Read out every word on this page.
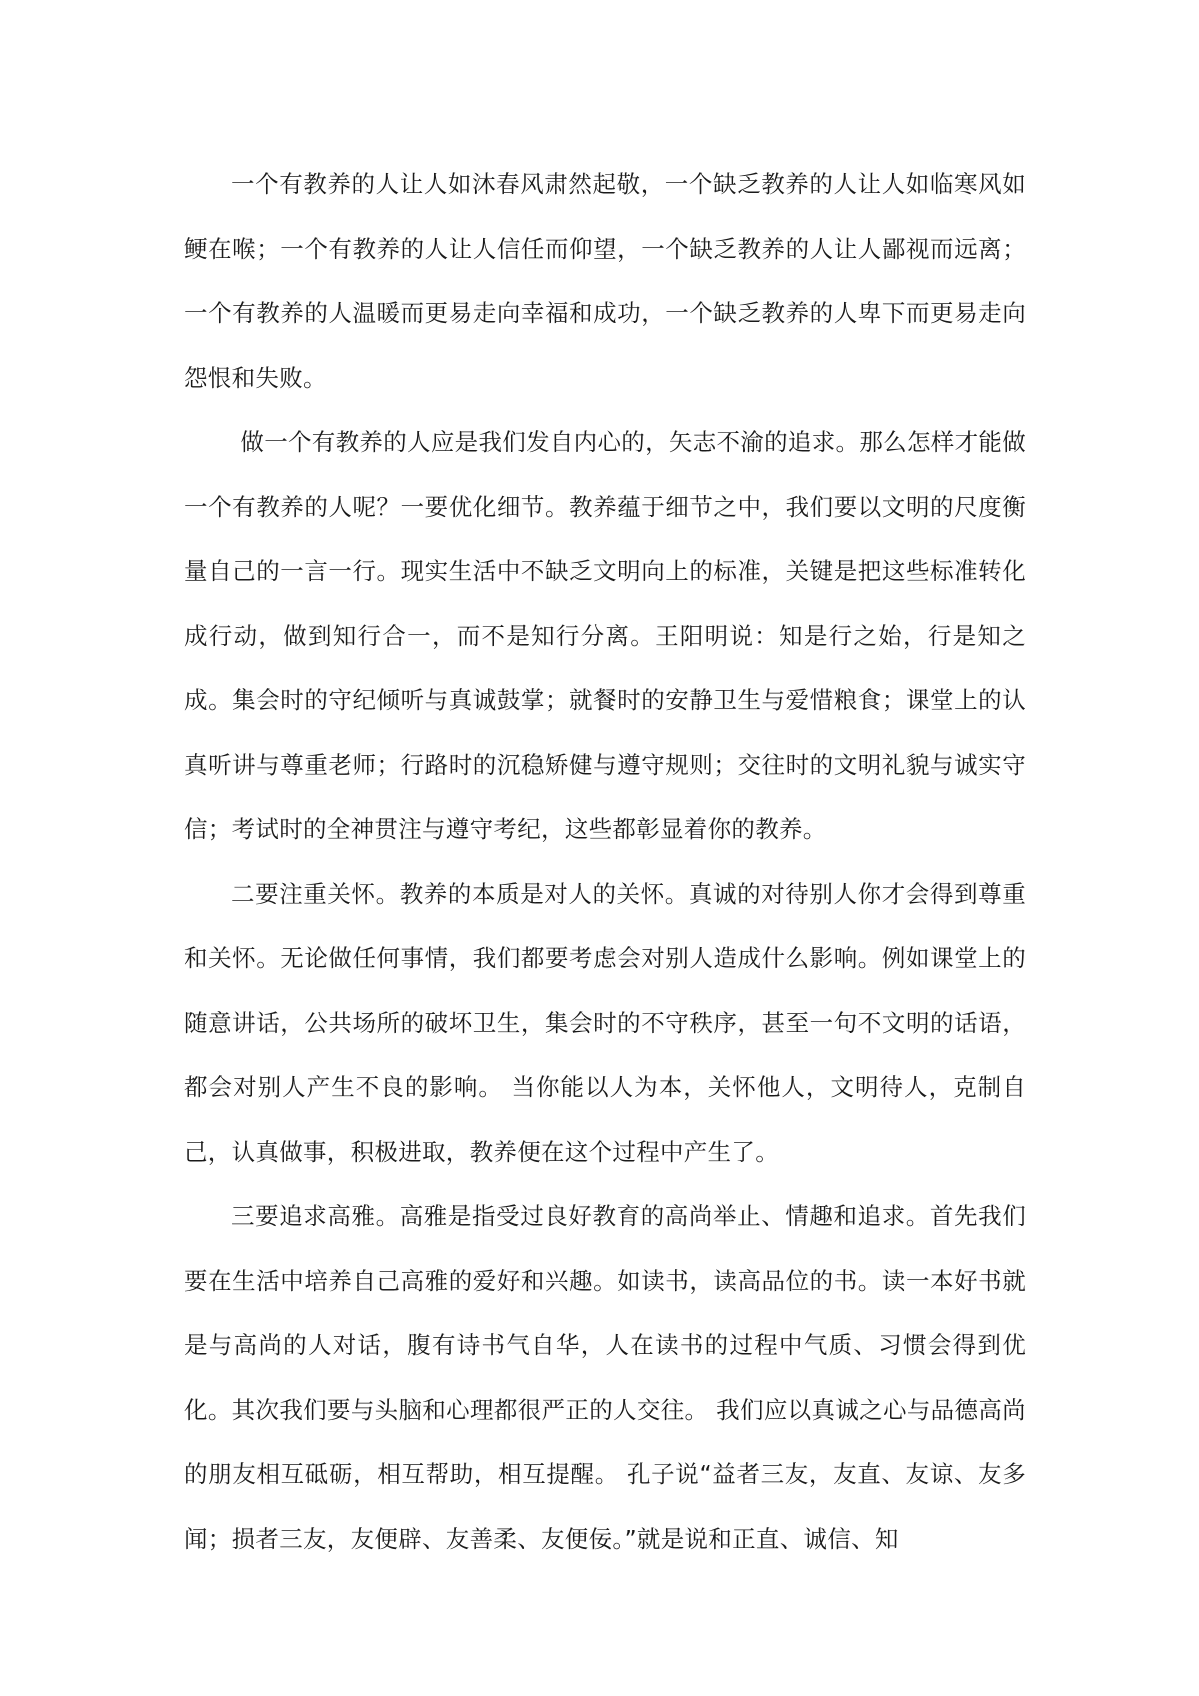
一个有教养的人让人如沐春风肃然起敬，一个缺乏教养的人让人如临寒风如鲠在喉；一个有教养的人让人信任而仰望，一个缺乏教养的人让人鄙视而远离；一个有教养的人温暖而更易走向幸福和成功，一个缺乏教养的人卑下而更易走向怨恨和失败。

做一个有教养的人应是我们发自内心的，矢志不渝的追求。那么怎样才能做一个有教养的人呢？一要优化细节。教养蕴于细节之中，我们要以文明的尺度衡量自己的一言一行。现实生活中不缺乏文明向上的标准，关键是把这些标准转化成行动，做到知行合一，而不是知行分离。王阳明说：知是行之始，行是知之成。集会时的守纪倾听与真诚鼓掌；就餐时的安静卫生与爱惜粮食；课堂上的认真听讲与尊重老师；行路时的沉稳矫健与遵守规则；交往时的文明礼貌与诚实守信；考试时的全神贯注与遵守考纪，这些都彰显着你的教养。

二要注重关怀。教养的本质是对人的关怀。真诚的对待别人你才会得到尊重和关怀。无论做任何事情，我们都要考虑会对别人造成什么影响。例如课堂上的随意讲话，公共场所的破坏卫生，集会时的不守秩序，甚至一句不文明的话语，都会对别人产生不良的影响。 当你能以人为本，关怀他人，文明待人，克制自己，认真做事，积极进取，教养便在这个过程中产生了。

三要追求高雅。高雅是指受过良好教育的高尚举止、情趣和追求。首先我们要在生活中培养自己高雅的爱好和兴趣。如读书，读高品位的书。读一本好书就是与高尚的人对话，腹有诗书气自华，人在读书的过程中气质、习惯会得到优化。其次我们要与头脑和心理都很严正的人交往。 我们应以真诚之心与品德高尚的朋友相互砥砺，相互帮助，相互提醒。 孔子说“益者三友，友直、友谅、友多闻；损者三友，友便辟、友善柔、友便佞。”就是说和正直、诚信、知
